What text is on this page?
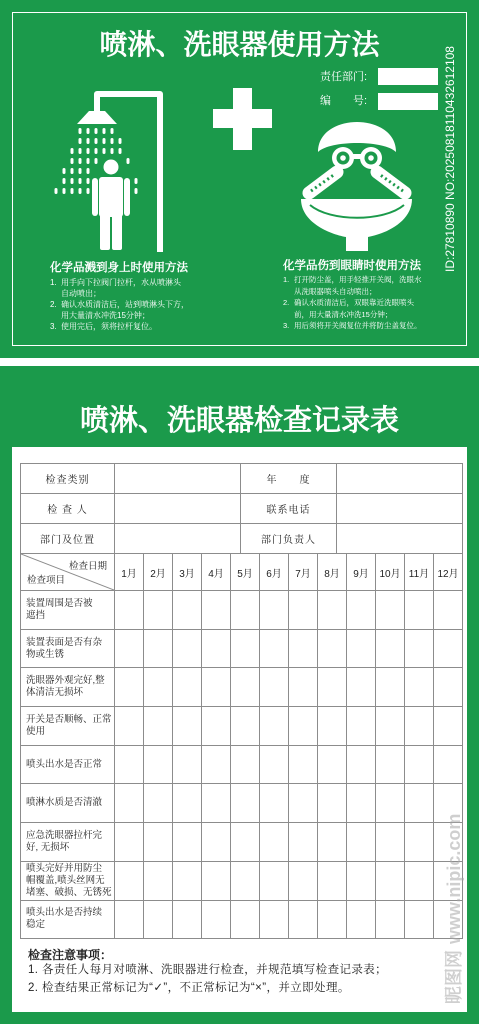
喷淋、洗眼器使用方法
责任部门:
编　　号:	ID:27810890 NO:20250818110432612108
化学品溅到身上时使用方法
1. 用手向下拉阀门拉杆，水从喷淋头
自动喷出；
2. 确认水质清洁后，站到喷淋头下方，
用大量清水冲洗15分钟；
3. 使用完后，须将拉杆复位。
化学品伤到眼睛时使用方法
1. 打开防尘盖，用手轻推开关阀，洗眼水
从洗眼器喷头自动喷出；
2. 确认水质清洁后，双眼靠近洗眼喷头
前，用大量清水冲洗15分钟；
3. 用后须将开关阀复位并将防尘盖复位。
喷淋、洗眼器检查记录表
检查类别		年　　度	
检 查 人		联系电话	
部门及位置		部门负责人	
检查日期
检查项目	1月	2月	3月	4月	5月	6月	7月	8月	9月	10月	11月	12月

装置周围是否被
遮挡												

装置表面是否有杂
物或生锈												

洗眼器外观完好,整
体清洁无损坏												

开关是否顺畅、正常
使用												

喷头出水是否正常												

喷淋水质是否清澈												

应急洗眼器拉杆完
好, 无损坏												

喷头完好并用防尘
帽覆盖,喷头丝网无
堵塞、破损、无锈死												

喷头出水是否持续
稳定												

检查注意事项：
1. 各责任人每月对喷淋、洗眼器进行检查，并规范填写检查记录表；
2. 检查结果正常标记为“✓”，不正常标记为“×”，并立即处理。	昵图网www.nipic.com
